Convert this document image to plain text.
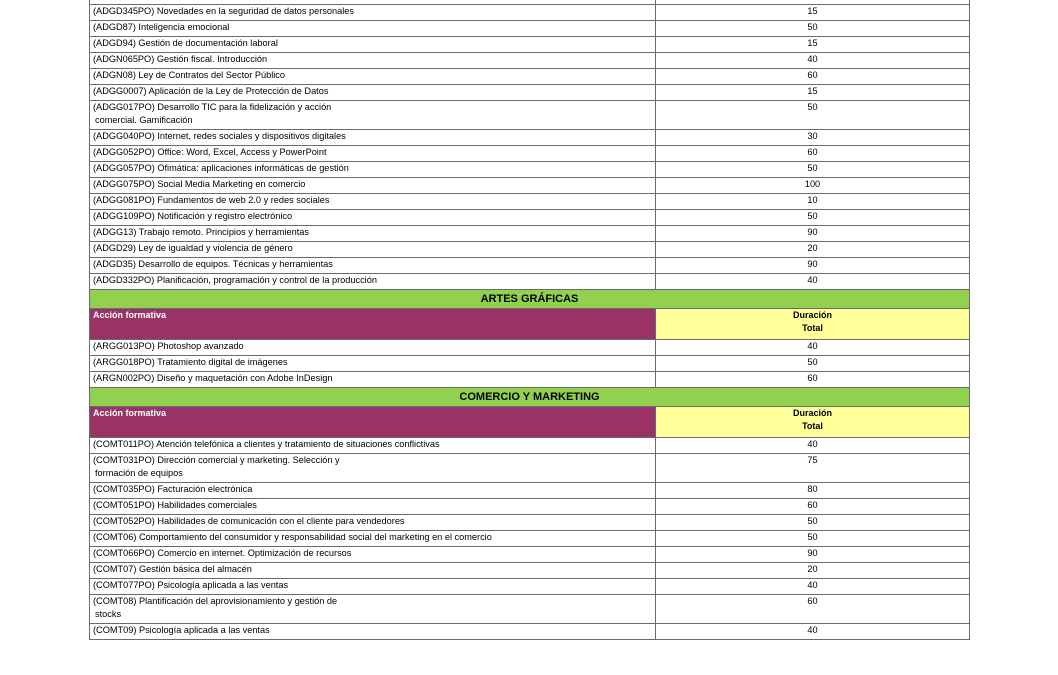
(ADGD345PO) Novedades en la seguridad de datos personales	15
(ADGD87) Inteligencia emocional	50
(ADGD94) Gestión de documentación laboral	15
(ADGN065PO) Gestión fiscal. Introducción	40
(ADGN08) Ley de Contratos del Sector Público	60
(ADGG0007) Aplicación de la Ley de Protección de Datos	15
(ADGG017PO) Desarrollo TIC para la fidelización y acción
comercial. Gamificación	50
(ADGG040PO) Internet, redes sociales y dispositivos digitales	30
(ADGG052PO) Office: Word, Excel, Access y PowerPoint	60
(ADGG057PO) Ofimática: aplicaciones informáticas de gestión	50
(ADGG075PO) Social Media Marketing en comercio	100
(ADGG081PO) Fundamentos de web 2.0 y redes sociales	10
(ADGG109PO) Notificación y registro electrónico	50
(ADGG13) Trabajo remoto. Principios y herramientas	90
(ADGD29) Ley de igualdad y violencia de género	20
(ADGD35) Desarrollo de equipos. Técnicas y herramientas	90
(ADGD332PO) Planificación, programación y control de la producción	40
ARTES GRÁFICAS	
Acción formativa	Duración
Total

(ARGG013PO) Photoshop avanzado	40
(ARGG018PO) Tratamiento digital de imágenes	50
(ARGN002PO) Diseño y maquetación con Adobe InDesign	60
COMERCIO Y MARKETING	
Acción formativa	Duración
Total

(COMT011PO) Atención telefónica a clientes y tratamiento de situaciones conflictivas	40
(COMT031PO) Dirección comercial y marketing. Selección y
formación de equipos	75
(COMT035PO) Facturación electrónica	80
(COMT051PO) Habilidades comerciales	60
(COMT052PO) Habilidades de comunicación con el cliente para vendedores	50
(COMT06) Comportamiento del consumidor y responsabilidad social del marketing en el comercio	50
(COMT066PO) Comercio en internet. Optimización de recursos	90
(COMT07) Gestión básica del almacén	20
(COMT077PO) Psicología aplicada a las ventas	40
(COMT08) Plantificación del aprovisionamiento y gestión de
stocks	60
(COMT09) Psicología aplicada a las ventas	40
